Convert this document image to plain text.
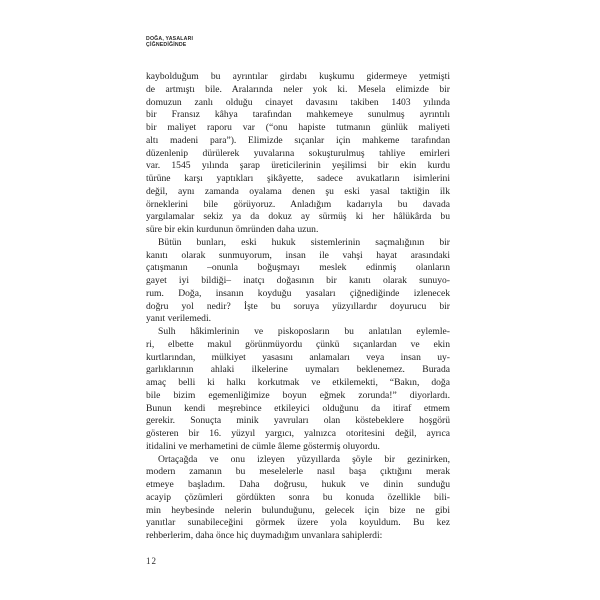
DOĞA, YASALARI
ÇİĞNEDİĞİNDE

kaybolduğum bu ayrıntılar girdabı kuşkumu gidermeye yetmişti
de artmıştı bile. Aralarında neler yok ki. Mesela elimizde bir
domuzun zanlı olduğu cinayet davasını takiben 1403 yılında
bir Fransız kâhya tarafından mahkemeye sunulmuş ayrıntılı
bir maliyet raporu var (“onu hapiste tutmanın günlük maliyeti
altı madeni para”). Elimizde sıçanlar için mahkeme tarafından
düzenlenip dürülerek yuvalarına sokuşturulmuş tahliye emirleri
var. 1545 yılında şarap üreticilerinin yeşilimsi bir ekin kurdu
türüne karşı yaptıkları şikâyette, sadece avukatların isimlerini
değil, aynı zamanda oyalama denen şu eski yasal taktiğin ilk
örneklerini bile görüyoruz. Anladığım kadarıyla bu davada
yargılamalar sekiz ya da dokuz ay sürmüş ki her hâlükârda bu
süre bir ekin kurdunun ömründen daha uzun.

Bütün bunları, eski hukuk sistemlerinin saçmalığının bir
kanıtı olarak sunmuyorum, insan ile vahşi hayat arasındaki
çatışmanın –onunla boğuşmayı meslek edinmiş olanların
gayet iyi bildiği– inatçı doğasının bir kanıtı olarak sunuyo-
rum. Doğa, insanın koyduğu yasaları çiğnediğinde izlenecek
doğru yol nedir? İşte bu soruya yüzyıllardır doyurucu bir
yanıt verilemedi.

Sulh hâkimlerinin ve piskoposların bu anlatılan eylemle-
ri, elbette makul görünmüyordu çünkü sıçanlardan ve ekin
kurtlarından, mülkiyet yasasını anlamaları veya insan uy-
garlıklarının ahlaki ilkelerine uymaları beklenemez. Burada
amaç belli ki halkı korkutmak ve etkilemekti, “Bakın, doğa
bile bizim egemenliğimize boyun eğmek zorunda!” diyorlardı.
Bunun kendi meşrebince etkileyici olduğunu da itiraf etmem
gerekir. Sonuçta minik yavruları olan köstebeklere hoşgörü
gösteren bir 16. yüzyıl yargıcı, yalnızca otoritesini değil, ayrıca
itidalini ve merhametini de cümle âleme göstermiş oluyordu.

Ortaçağda ve onu izleyen yüzyıllarda şöyle bir gezinirken,
modern zamanın bu meselelerle nasıl başa çıktığını merak
etmeye başladım. Daha doğrusu, hukuk ve dinin sunduğu
acayip çözümleri gördükten sonra bu konuda özellikle bili-
min heybesinde nelerin bulunduğunu, gelecek için bize ne gibi
yanıtlar sunabileceğini görmek üzere yola koyuldum. Bu kez
rehberlerim, daha önce hiç duymadığım unvanlara sahiplerdi:

12
